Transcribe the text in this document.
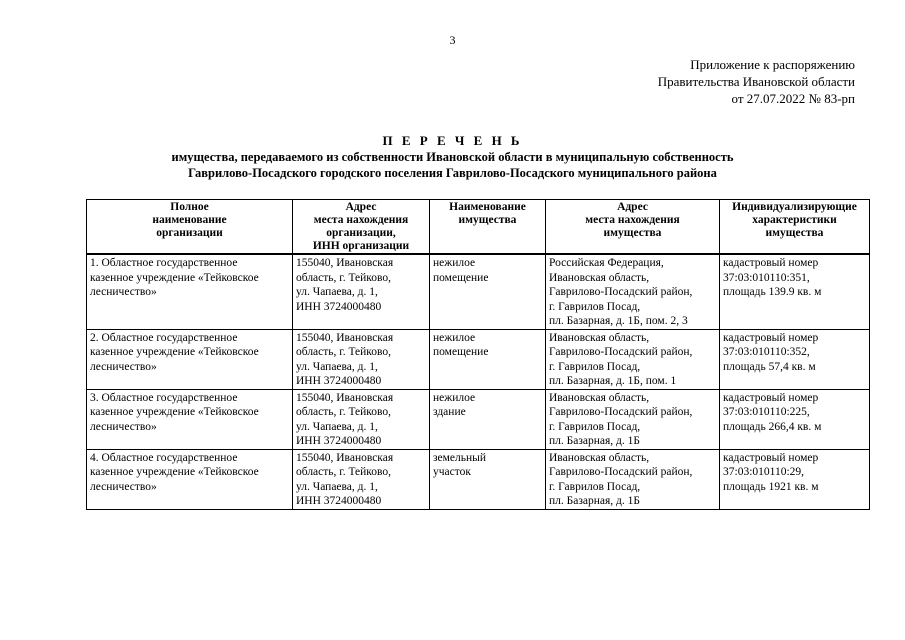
3
Приложение к распоряжению
Правительства Ивановской области
от 27.07.2022 № 83-рп
П Е Р Е Ч Е Н Ь
имущества, передаваемого из собственности Ивановской области в муниципальную собственность
Гаврилово-Посадского городского поселения Гаврилово-Посадского муниципального района
Полное
наименование
организации	Адрес
места нахождения
организации,
ИНН организации	Наименование
имущества	Адрес
места нахождения
имущества	Индивидуализирующие
характеристики
имущества

1. Областное государственное
казенное учреждение «Тейковское
лесничество»	155040, Ивановская
область, г. Тейково,
ул. Чапаева, д. 1,
ИНН 3724000480	нежилое
помещение	Российская Федерация,
Ивановская область,
Гаврилово-Посадский район,
г. Гаврилов Посад,
пл. Базарная, д. 1Б, пом. 2, 3	кадастровый номер
37:03:010110:351,
площадь 139.9 кв. м

2. Областное государственное
казенное учреждение «Тейковское
лесничество»	155040, Ивановская
область, г. Тейково,
ул. Чапаева, д. 1,
ИНН 3724000480	нежилое
помещение	Ивановская область,
Гаврилово-Посадский район,
г. Гаврилов Посад,
пл. Базарная, д. 1Б, пом. 1	кадастровый номер
37:03:010110:352,
площадь 57,4 кв. м

3. Областное государственное
казенное учреждение «Тейковское
лесничество»	155040, Ивановская
область, г. Тейково,
ул. Чапаева, д. 1,
ИНН 3724000480	нежилое
здание	Ивановская область,
Гаврилово-Посадский район,
г. Гаврилов Посад,
пл. Базарная, д. 1Б	кадастровый номер
37:03:010110:225,
площадь 266,4 кв. м

4. Областное государственное
казенное учреждение «Тейковское
лесничество»	155040, Ивановская
область, г. Тейково,
ул. Чапаева, д. 1,
ИНН 3724000480	земельный
участок	Ивановская область,
Гаврилово-Посадский район,
г. Гаврилов Посад,
пл. Базарная, д. 1Б	кадастровый номер
37:03:010110:29,
площадь 1921 кв. м
